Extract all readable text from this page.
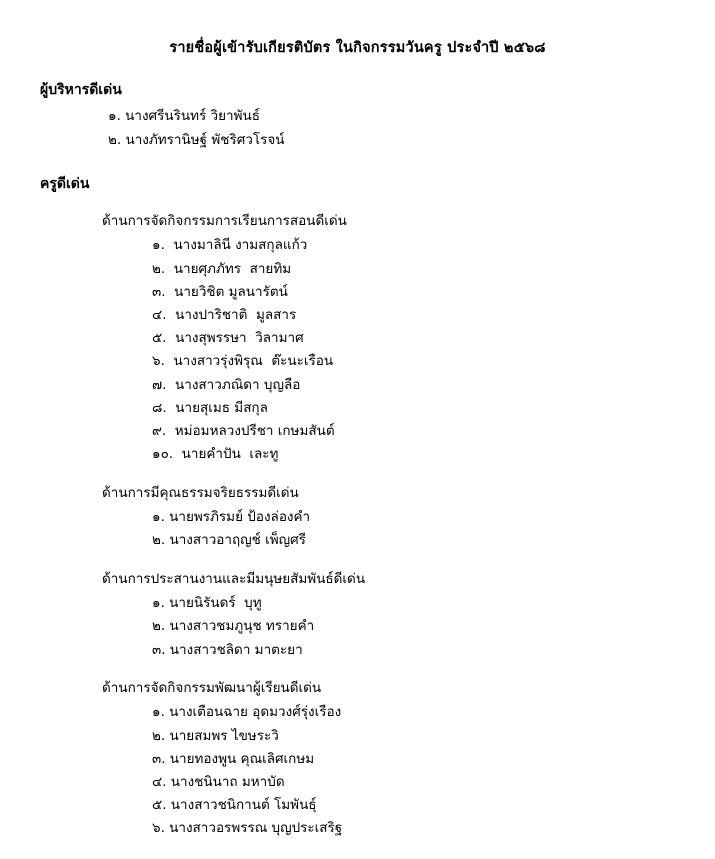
รายชื่อผู้เข้ารับเกียรติบัตร ในกิจกรรมวันครู ประจำปี ๒๕๖๘
ผู้บริหารดีเด่น
๑. นางศรีนรินทร์ วิยาพันธ์
๒. นางภัทรานิษฐ์ พัชริศวโรจน์
ครูดีเด่น
ด้านการจัดกิจกรรมการเรียนการสอนดีเด่น
๑.  นางมาลินี งามสกุลแก้ว
๒.  นายศุภภัทร  สายทิม
๓.  นายวิชิต มูลนารัตน์
๔.  นางปาริชาติ  มูลสาร
๕.  นางสุพรรษา  วิลามาศ
๖.  นางสาวรุ่งพิรุณ  ต๊ะนะเรือน
๗.  นางสาวภณิดา บุญลือ
๘.  นายสุเมธ มีสกุล
๙.  หม่อมหลวงปรีชา เกษมสันต์
๑๐.  นายคำปัน  เละทู
ด้านการมีคุณธรรมจริยธรรมดีเด่น
๑. นายพรภิรมย์ ป้องล่องคำ
๒. นางสาวอาฤญช์ เพ็ญศรี
ด้านการประสานงานและมีมนุษยสัมพันธ์ดีเด่น
๑. นายนิรันดร์  บุทู
๒. นางสาวชมภูนุช ทรายคำ
๓. นางสาวชลิดา มาตะยา
ด้านการจัดกิจกรรมพัฒนาผู้เรียนดีเด่น
๑. นางเตือนฉาย อุดมวงศ์รุ่งเรือง
๒. นายสมพร ไขษระวิ
๓. นายทองพูน คุณเลิศเกษม
๔. นางชนินาถ มหาบัด
๕. นางสาวชนิกานต์ โมพันธุ์
๖. นางสาวอรพรรณ บุญประเสริฐ
